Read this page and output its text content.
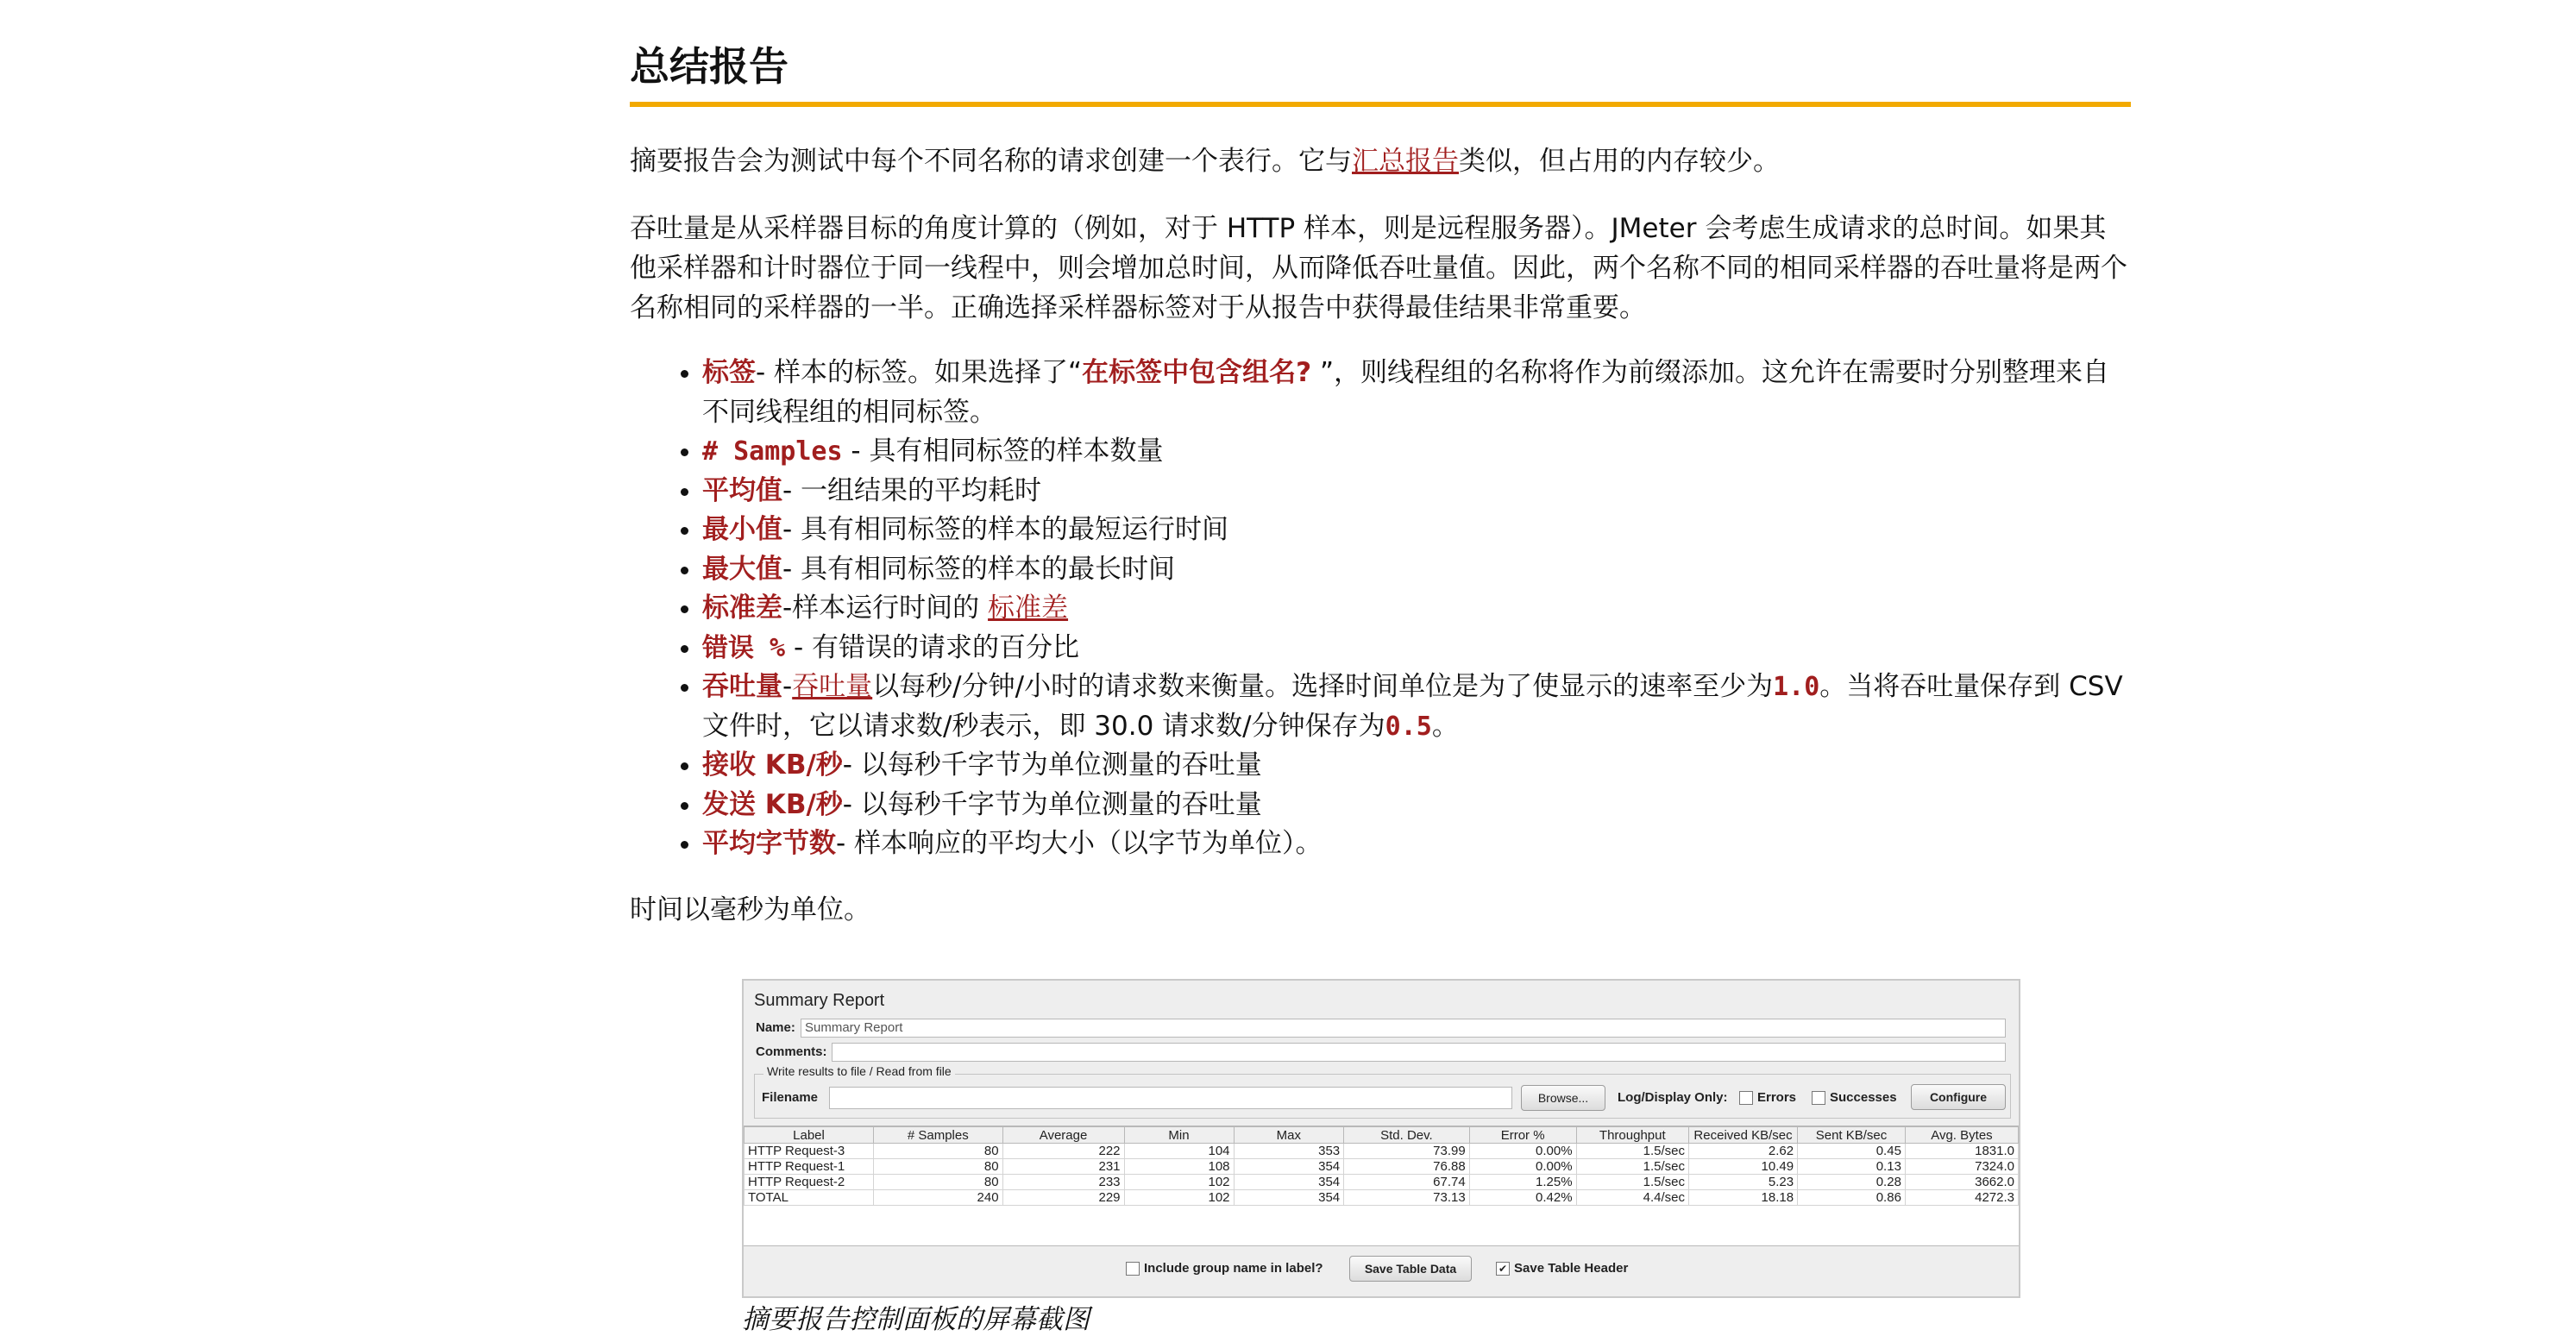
总结报告

摘要报告会为测试中每个不同名称的请求创建一个表行。它与汇总报告类似，但占用的内存较少。

吞吐量是从采样器目标的角度计算的（例如，对于 HTTP 样本，则是远程服务器）。JMeter 会考虑生成请求的总时间。如果其他采样器和计时器位于同一线程中，则会增加总时间，从而降低吞吐量值。因此，两个名称不同的相同采样器的吞吐量将是两个名称相同的采样器的一半。正确选择采样器标签对于从报告中获得最佳结果非常重要。

• 标签- 样本的标签。如果选择了“在标签中包含组名? ”，则线程组的名称将作为前缀添加。这允许在需要时分别整理来自不同线程组的相同标签。
• # Samples - 具有相同标签的样本数量
• 平均值- 一组结果的平均耗时
• 最小值- 具有相同标签的样本的最短运行时间
• 最大值- 具有相同标签的样本的最长时间
• 标准差-样本运行时间的 标准差
• 错误 % - 有错误的请求的百分比
• 吞吐量-吞吐量以每秒/分钟/小时的请求数来衡量。选择时间单位是为了使显示的速率至少为1.0。当将吞吐量保存到 CSV 文件时，它以请求数/秒表示，即 30.0 请求数/分钟保存为0.5。
• 接收 KB/秒- 以每秒千字节为单位测量的吞吐量
• 发送 KB/秒- 以每秒千字节为单位测量的吞吐量
• 平均字节数- 样本响应的平均大小（以字节为单位）。

时间以毫秒为单位。

Summary Report
Name: Summary Report
Comments:
Write results to file / Read from file
Filename	Browse...	Log/Display Only: Errors	Successes	Configure
Label	# Samples	Average	Min	Max	Std. Dev.	Error %	Throughput	Received KB/sec	Sent KB/sec	Avg. Bytes
HTTP Request-3	80	222	104	353	73.99	0.00%	1.5/sec	2.62	0.45	1831.0
HTTP Request-1	80	231	108	354	76.88	0.00%	1.5/sec	10.49	0.13	7324.0
HTTP Request-2	80	233	102	354	67.74	1.25%	1.5/sec	5.23	0.28	3662.0
TOTAL	240	229	102	354	73.13	0.42%	4.4/sec	18.18	0.86	4272.3
Include group name in label?	Save Table Data	✔ Save Table Header
摘要报告控制面板的屏幕截图
